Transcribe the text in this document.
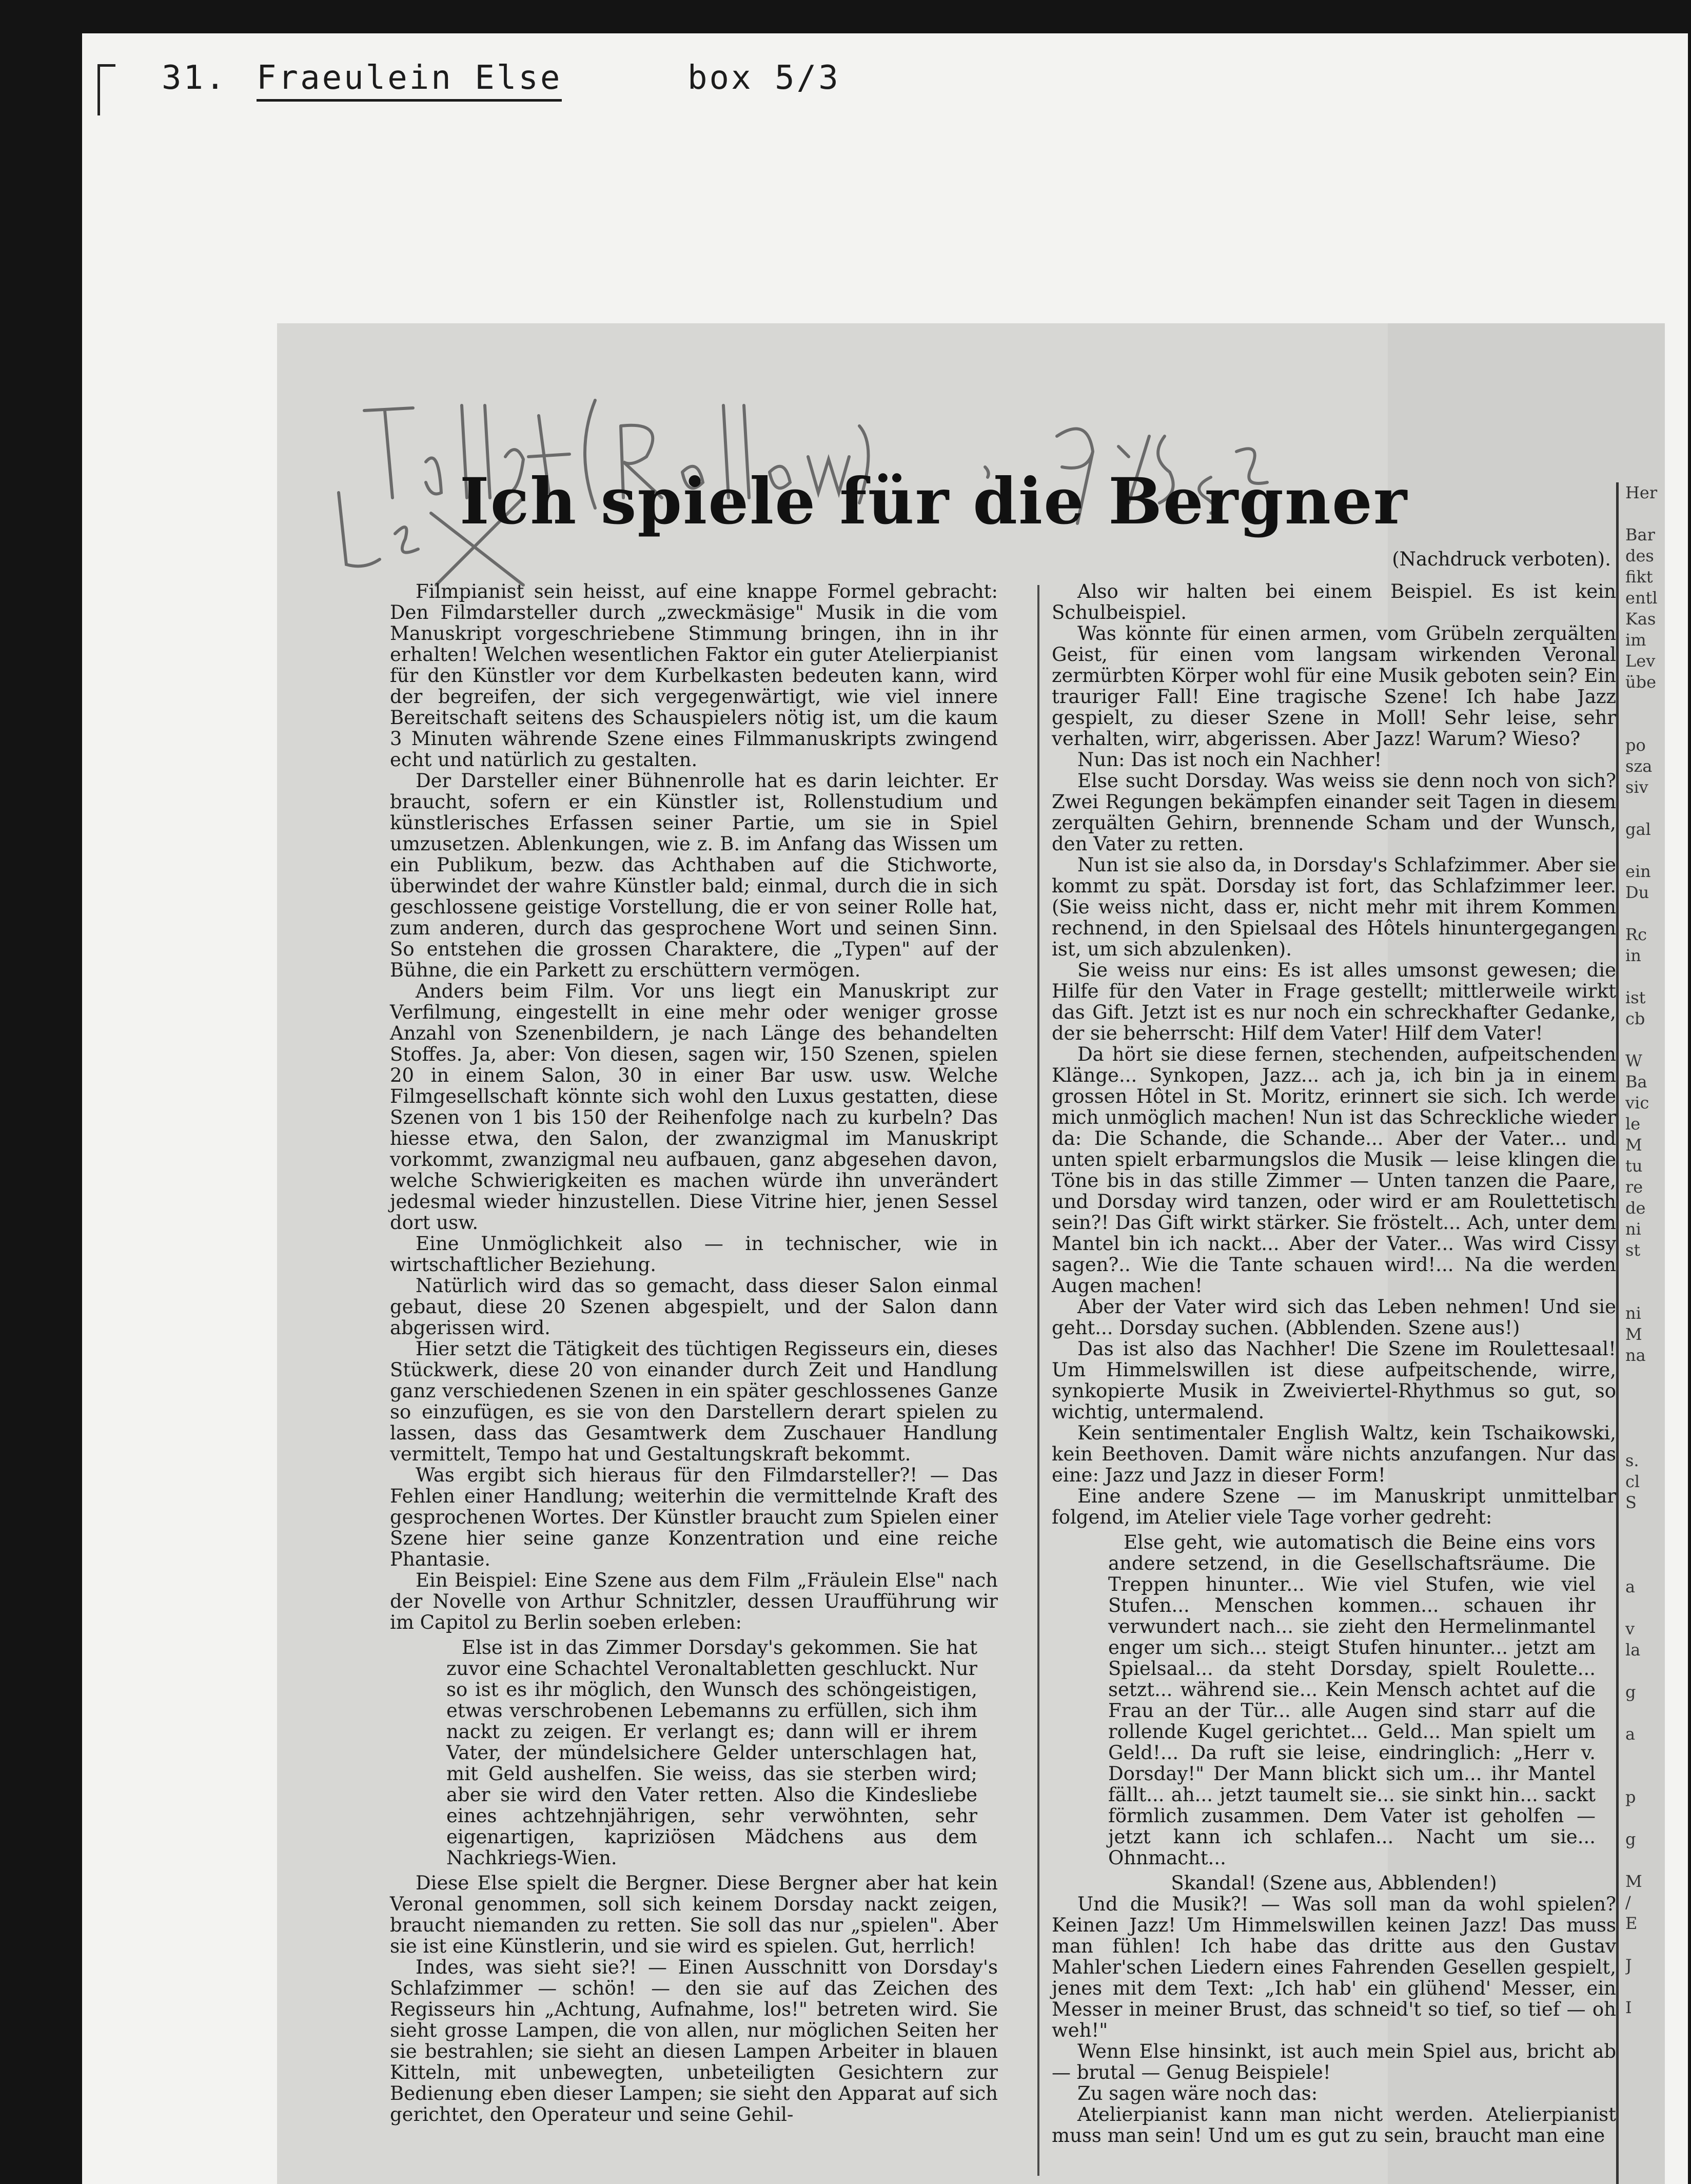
31. Fraeulein Else	box 5/3
Her
Bar
des
fikt
entl
Kas
im
Lev
übe
po
sza
siv
gal
ein
Du
Rc
in
ist
cb
W
Ba
vic
le
M
tu
re
de
ni
st
ni
M
na
s.
cl
S
a
v
la
g
a
p
g
M
/
E
J
I
Ich spiele für die Bergner
(Nachdruck verboten).

Filmpianist sein heisst, auf eine knappe Formel gebracht: Den Filmdarsteller durch „zweckmäsige" Musik in die vom Manuskript vorgeschriebene Stimmung bringen, ihn in ihr erhalten! Welchen wesentlichen Faktor ein guter Atelierpianist für den Künstler vor dem Kurbelkasten bedeuten kann, wird der begreifen, der sich vergegenwärtigt, wie viel innere Bereitschaft seitens des Schauspielers nötig ist, um die kaum 3 Minuten währende Szene eines Filmmanuskripts zwingend echt und natürlich zu gestalten.

Der Darsteller einer Bühnenrolle hat es darin leichter. Er braucht, sofern er ein Künstler ist, Rollenstudium und künstlerisches Erfassen seiner Partie, um sie in Spiel umzusetzen. Ablenkungen, wie z. B. im Anfang das Wissen um ein Publikum, bezw. das Achthaben auf die Stichworte, überwindet der wahre Künstler bald; einmal, durch die in sich geschlossene geistige Vorstellung, die er von seiner Rolle hat, zum anderen, durch das gesprochene Wort und seinen Sinn. So entstehen die grossen Charaktere, die „Typen" auf der Bühne, die ein Parkett zu erschüttern vermögen.

Anders beim Film. Vor uns liegt ein Manuskript zur Verfilmung, eingestellt in eine mehr oder weniger grosse Anzahl von Szenenbildern, je nach Länge des behandelten Stoffes. Ja, aber: Von diesen, sagen wir, 150 Szenen, spielen 20 in einem Salon, 30 in einer Bar usw. usw. Welche Filmgesellschaft könnte sich wohl den Luxus gestatten, diese Szenen von 1 bis 150 der Reihenfolge nach zu kurbeln? Das hiesse etwa, den Salon, der zwanzigmal im Manuskript vorkommt, zwanzigmal neu aufbauen, ganz abgesehen davon, welche Schwierigkeiten es machen würde ihn unverändert jedesmal wieder hinzustellen. Diese Vitrine hier, jenen Sessel dort usw.

Eine Unmöglichkeit also — in technischer, wie in wirtschaftlicher Beziehung.

Natürlich wird das so gemacht, dass dieser Salon einmal gebaut, diese 20 Szenen abgespielt, und der Salon dann abgerissen wird.

Hier setzt die Tätigkeit des tüchtigen Regisseurs ein, dieses Stückwerk, diese 20 von einander durch Zeit und Handlung ganz verschiedenen Szenen in ein später geschlossenes Ganze so einzufügen, es sie von den Darstellern derart spielen zu lassen, dass das Gesamtwerk dem Zuschauer Handlung vermittelt, Tempo hat und Gestaltungskraft bekommt.

Was ergibt sich hieraus für den Filmdarsteller?! — Das Fehlen einer Handlung; weiterhin die vermittelnde Kraft des gesprochenen Wortes. Der Künstler braucht zum Spielen einer Szene hier seine ganze Konzentration und eine reiche Phantasie.

Ein Beispiel: Eine Szene aus dem Film „Fräulein Else" nach der Novelle von Arthur Schnitzler, dessen Uraufführung wir im Capitol zu Berlin soeben erleben:

Else ist in das Zimmer Dorsday's gekommen. Sie hat zuvor eine Schachtel Veronaltabletten geschluckt. Nur so ist es ihr möglich, den Wunsch des schöngeistigen, etwas verschrobenen Lebemanns zu erfüllen, sich ihm nackt zu zeigen. Er verlangt es; dann will er ihrem Vater, der mündelsichere Gelder unterschlagen hat, mit Geld aushelfen. Sie weiss, das sie sterben wird; aber sie wird den Vater retten. Also die Kindesliebe eines achtzehnjährigen, sehr verwöhnten, sehr eigenartigen, kapriziösen Mädchens aus dem Nachkriegs-Wien.

Diese Else spielt die Bergner. Diese Bergner aber hat kein Veronal genommen, soll sich keinem Dorsday nackt zeigen, braucht niemanden zu retten. Sie soll das nur „spielen". Aber sie ist eine Künstlerin, und sie wird es spielen. Gut, herrlich!

Indes, was sieht sie?! — Einen Ausschnitt von Dorsday's Schlafzimmer — schön! — den sie auf das Zeichen des Regisseurs hin „Achtung, Aufnahme, los!" betreten wird. Sie sieht grosse Lampen, die von allen, nur möglichen Seiten her sie bestrahlen; sie sieht an diesen Lampen Arbeiter in blauen Kitteln, mit unbewegten, unbeteiligten Gesichtern zur Bedienung eben dieser Lampen; sie sieht den Apparat auf sich gerichtet, den Operateur und seine Gehil-

Also wir halten bei einem Beispiel. Es ist kein Schulbeispiel.

Was könnte für einen armen, vom Grübeln zerquälten Geist, für einen vom langsam wirkenden Veronal zermürbten Körper wohl für eine Musik geboten sein? Ein trauriger Fall! Eine tragische Szene! Ich habe Jazz gespielt, zu dieser Szene in Moll! Sehr leise, sehr verhalten, wirr, abgerissen. Aber Jazz! Warum? Wieso?

Nun: Das ist noch ein Nachher!

Else sucht Dorsday. Was weiss sie denn noch von sich? Zwei Regungen bekämpfen einander seit Tagen in diesem zerquälten Gehirn, brennende Scham und der Wunsch, den Vater zu retten.

Nun ist sie also da, in Dorsday's Schlafzimmer. Aber sie kommt zu spät. Dorsday ist fort, das Schlafzimmer leer. (Sie weiss nicht, dass er, nicht mehr mit ihrem Kommen rechnend, in den Spielsaal des Hôtels hinuntergegangen ist, um sich abzulenken).

Sie weiss nur eins: Es ist alles umsonst gewesen; die Hilfe für den Vater in Frage gestellt; mittlerweile wirkt das Gift. Jetzt ist es nur noch ein schreckhafter Gedanke, der sie beherrscht: Hilf dem Vater! Hilf dem Vater!

Da hört sie diese fernen, stechenden, aufpeitschenden Klänge... Synkopen, Jazz... ach ja, ich bin ja in einem grossen Hôtel in St. Moritz, erinnert sie sich. Ich werde mich unmöglich machen! Nun ist das Schreckliche wieder da: Die Schande, die Schande... Aber der Vater... und unten spielt erbarmungslos die Musik — leise klingen die Töne bis in das stille Zimmer — Unten tanzen die Paare, und Dorsday wird tanzen, oder wird er am Roulettetisch sein?! Das Gift wirkt stärker. Sie fröstelt... Ach, unter dem Mantel bin ich nackt... Aber der Vater... Was wird Cissy sagen?.. Wie die Tante schauen wird!... Na die werden Augen machen!

Aber der Vater wird sich das Leben nehmen! Und sie geht... Dorsday suchen. (Abblenden. Szene aus!)

Das ist also das Nachher! Die Szene im Roulettesaal! Um Himmelswillen ist diese aufpeitschende, wirre, synkopierte Musik in Zweiviertel-Rhythmus so gut, so wichtig, untermalend.

Kein sentimentaler English Waltz, kein Tschaikowski, kein Beethoven. Damit wäre nichts anzufangen. Nur das eine: Jazz und Jazz in dieser Form!

Eine andere Szene — im Manuskript unmittelbar folgend, im Atelier viele Tage vorher gedreht:

Else geht, wie automatisch die Beine eins vors andere setzend, in die Gesellschaftsräume. Die Treppen hinunter... Wie viel Stufen, wie viel Stufen... Menschen kommen... schauen ihr verwundert nach... sie zieht den Hermelinmantel enger um sich... steigt Stufen hinunter... jetzt am Spielsaal... da steht Dorsday, spielt Roulette... setzt... während sie... Kein Mensch achtet auf die Frau an der Tür... alle Augen sind starr auf die rollende Kugel gerichtet... Geld... Man spielt um Geld!... Da ruft sie leise, eindringlich: „Herr v. Dorsday!" Der Mann blickt sich um... ihr Mantel fällt... ah... jetzt taumelt sie... sie sinkt hin... sackt förmlich zusammen. Dem Vater ist geholfen — jetzt kann ich schlafen... Nacht um sie... Ohnmacht...

Skandal! (Szene aus, Abblenden!)

Und die Musik?! — Was soll man da wohl spielen? Keinen Jazz! Um Himmelswillen keinen Jazz! Das muss man fühlen! Ich habe das dritte aus den Gustav Mahler'schen Liedern eines Fahrenden Gesellen gespielt, jenes mit dem Text: „Ich hab' ein glühend' Messer, ein Messer in meiner Brust, das schneid't so tief, so tief — oh weh!"

Wenn Else hinsinkt, ist auch mein Spiel aus, bricht ab — brutal — Genug Beispiele!

Zu sagen wäre noch das:

Atelierpianist kann man nicht werden. Atelierpianist muss man sein! Und um es gut zu sein, braucht man eine
